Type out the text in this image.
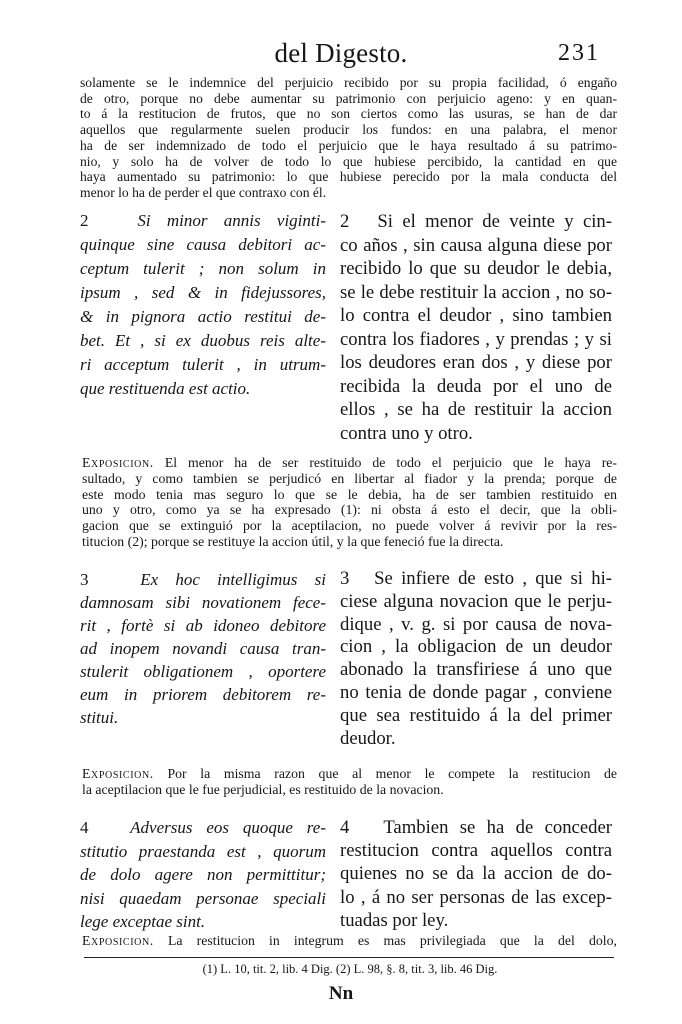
del Digesto.	231
solamente se le indemnice del perjuicio recibido por su propia facilidad, ó engaño
de otro, porque no debe aumentar su patrimonio con perjuicio ageno: y en quan-
to á la restitucion de frutos, que no son ciertos como las usuras, se han de dar
aquellos que regularmente suelen producir los fundos: en una palabra, el menor
ha de ser indemnizado de todo el perjuicio que le haya resultado á su patrimo-
nio, y solo ha de volver de todo lo que hubiese percibido, la cantidad en que
haya aumentado su patrimonio: lo que hubiese perecido por la mala conducta del
menor lo ha de perder el que contraxo con él.
2	Si minor annis viginti-
quinque sine causa debitori ac-
ceptum tulerit ; non solum in
ipsum , sed & in fidejussores,
& in pignora actio restitui de-
bet. Et , si ex duobus reis alte-
ri acceptum tulerit , in utrum-
que restituenda est actio.
2 Si el menor de veinte y cin-
co años , sin causa alguna diese por
recibido lo que su deudor le debia,
se le debe restituir la accion , no so-
lo contra el deudor , sino tambien
contra los fiadores , y prendas ; y si
los deudores eran dos , y diese por
recibida la deuda por el uno de
ellos , se ha de restituir la accion
contra uno y otro.
Exposicion. El menor ha de ser restituido de todo el perjuicio que le haya re-
sultado, y como tambien se perjudicó en libertar al fiador y la prenda; porque de
este modo tenia mas seguro lo que se le debia, ha de ser tambien restituido en
uno y otro, como ya se ha expresado (1): ni obsta á esto el decir, que la obli-
gacion que se extinguió por la aceptilacion, no puede volver á revivir por la res-
titucion (2); porque se restituye la accion útil, y la que feneció fue la directa.
3	Ex hoc intelligimus si
damnosam sibi novationem fece-
rit , fortè si ab idoneo debitore
ad inopem novandi causa tran-
stulerit obligationem , oportere
eum in priorem debitorem re-
stitui.
3 Se infiere de esto , que si hi-
ciese alguna novacion que le perju-
dique , v. g. si por causa de nova-
cion , la obligacion de un deudor
abonado la transfiriese á uno que
no tenia de donde pagar , conviene
que sea restituido á la del primer
deudor.
Exposicion. Por la misma razon que al menor le compete la restitucion de
la aceptilacion que le fue perjudicial, es restituido de la novacion.
4 Adversus eos quoque re-
stitutio praestanda est , quorum
de dolo agere non permittitur;
nisi quaedam personae speciali
lege exceptae sint.
4 Tambien se ha de conceder
restitucion contra aquellos contra
quienes no se da la accion de do-
lo , á no ser personas de las excep-
tuadas por ley.
Exposicion. La restitucion in integrum es mas privilegiada que la del dolo,
(1) L. 10, tit. 2, lib. 4 Dig. (2) L. 98, §. 8, tit. 3, lib. 46 Dig.
Nn
